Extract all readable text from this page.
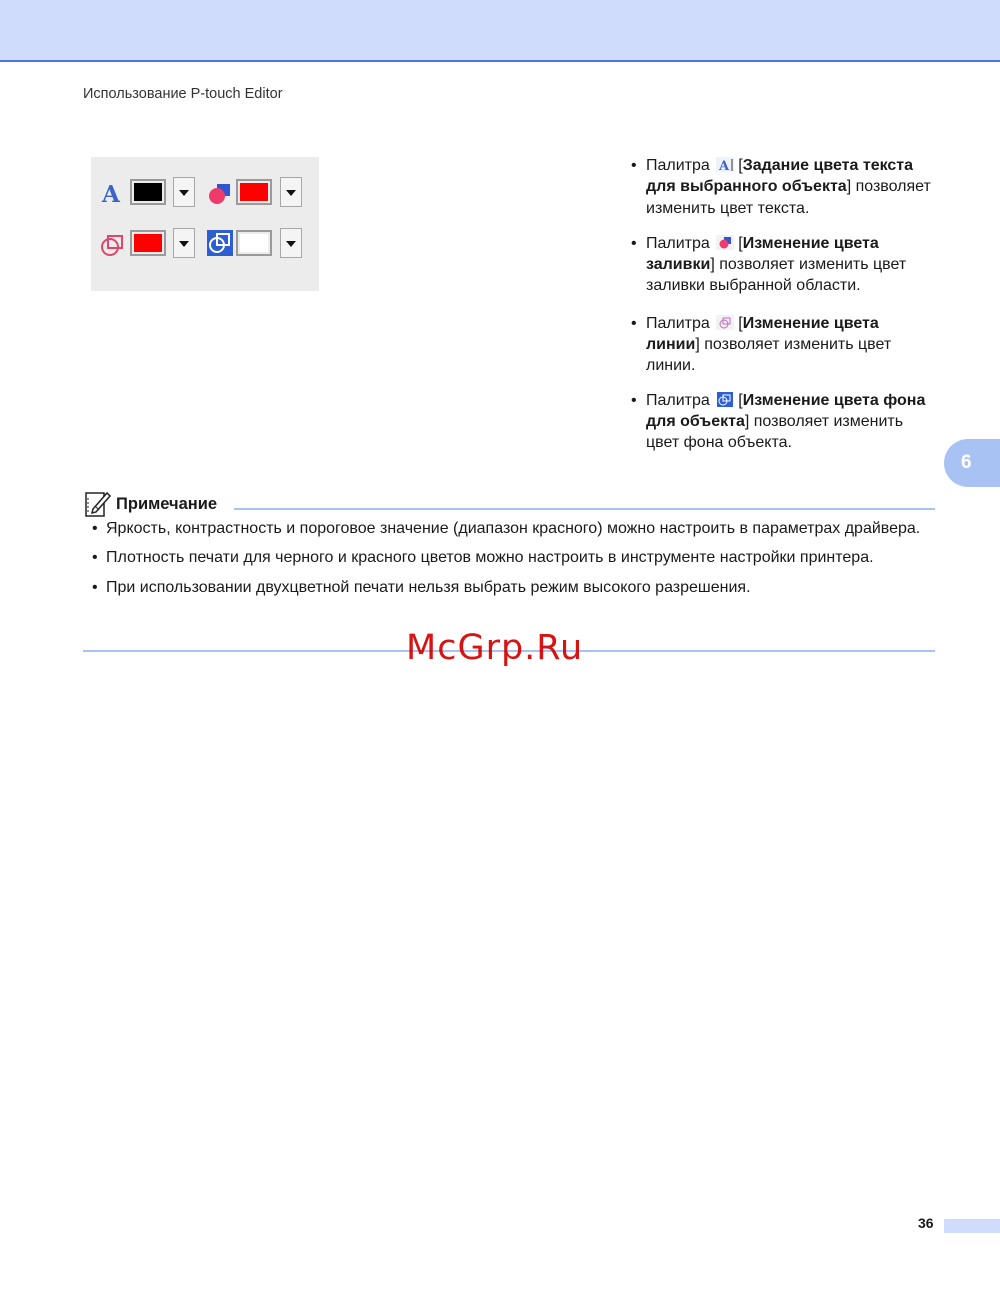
Использование P-touch Editor
A
• Палитра A [Задание цвета текста для выбранного объекта] позволяет изменить цвет текста.
• Палитра [Изменение цвета заливки] позволяет изменить цвет заливки выбранной области.
• Палитра [Изменение цвета линии] позволяет изменить цвет линии.
• Палитра [Изменение цвета фона для объекта] позволяет изменить цвет фона объекта.
6
Примечание
• Яркость, контрастность и пороговое значение (диапазон красного) можно настроить в параметрах драйвера.
• Плотность печати для черного и красного цветов можно настроить в инструменте настройки принтера.
• При использовании двухцветной печати нельзя выбрать режим высокого разрешения.
McGrp.Ru
36
